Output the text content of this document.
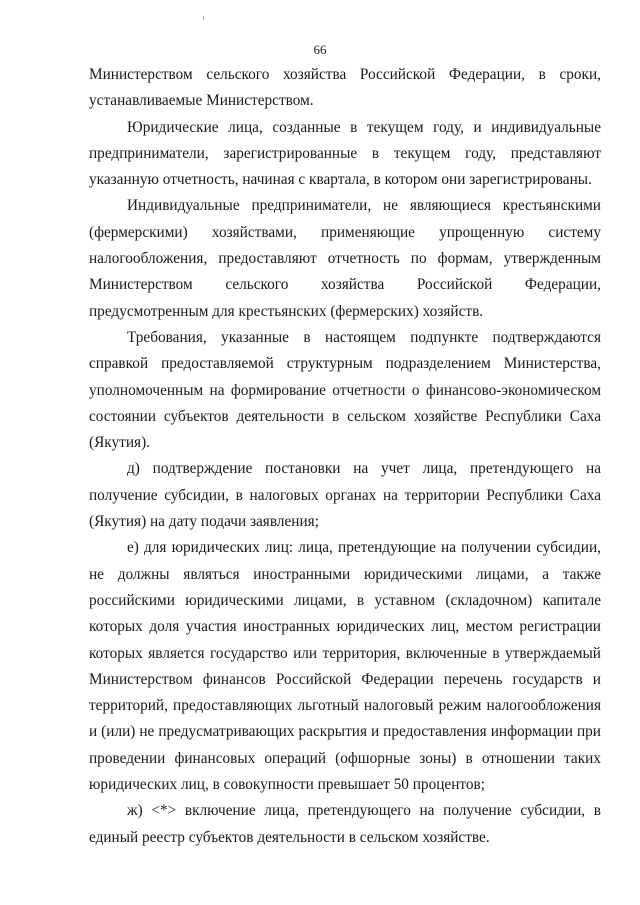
66

Министерством сельского хозяйства Российской Федерации, в сроки, устанавливаемые Министерством.

Юридические лица, созданные в текущем году, и индивидуальные предприниматели, зарегистрированные в текущем году, представляют указанную отчетность, начиная с квартала, в котором они зарегистрированы.

Индивидуальные предприниматели, не являющиеся крестьянскими (фермерскими) хозяйствами, применяющие упрощенную систему налогообложения, предоставляют отчетность по формам, утвержденным Министерством сельского хозяйства Российской Федерации, предусмотренным для крестьянских (фермерских) хозяйств.

Требования, указанные в настоящем подпункте подтверждаются справкой предоставляемой структурным подразделением Министерства, уполномоченным на формирование отчетности о финансово-экономическом состоянии субъектов деятельности в сельском хозяйстве Республики Саха (Якутия).

д) подтверждение постановки на учет лица, претендующего на получение субсидии, в налоговых органах на территории Республики Саха (Якутия) на дату подачи заявления;

е) для юридических лиц: лица, претендующие на получении субсидии, не должны являться иностранными юридическими лицами, а также российскими юридическими лицами, в уставном (складочном) капитале которых доля участия иностранных юридических лиц, местом регистрации которых является государство или территория, включенные в утверждаемый Министерством финансов Российской Федерации перечень государств и территорий, предоставляющих льготный налоговый режим налогообложения и (или) не предусматривающих раскрытия и предоставления информации при проведении финансовых операций (офшорные зоны) в отношении таких юридических лиц, в совокупности превышает 50 процентов;

ж) <*> включение лица, претендующего на получение субсидии, в единый реестр субъектов деятельности в сельском хозяйстве.
